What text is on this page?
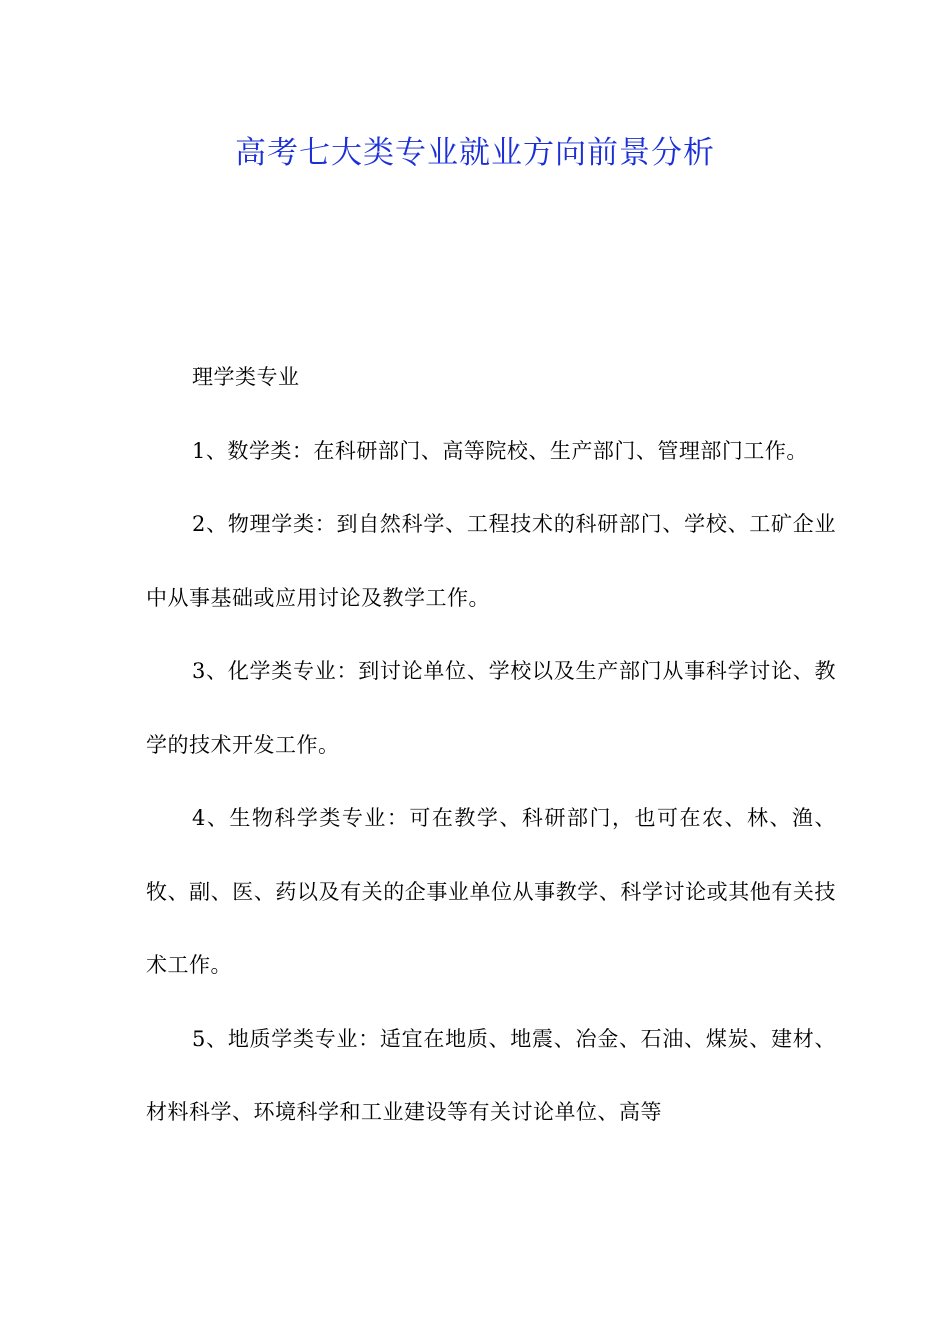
高考七大类专业就业方向前景分析

理学类专业

1、数学类：在科研部门、高等院校、生产部门、管理部门工作。

2、物理学类：到自然科学、工程技术的科研部门、学校、工矿企业中从事基础或应用讨论及教学工作。

3、化学类专业：到讨论单位、学校以及生产部门从事科学讨论、教学的技术开发工作。

4、生物科学类专业：可在教学、科研部门，也可在农、林、渔、牧、副、医、药以及有关的企事业单位从事教学、科学讨论或其他有关技术工作。

5、地质学类专业：适宜在地质、地震、冶金、石油、煤炭、建材、材料科学、环境科学和工业建设等有关讨论单位、高等
